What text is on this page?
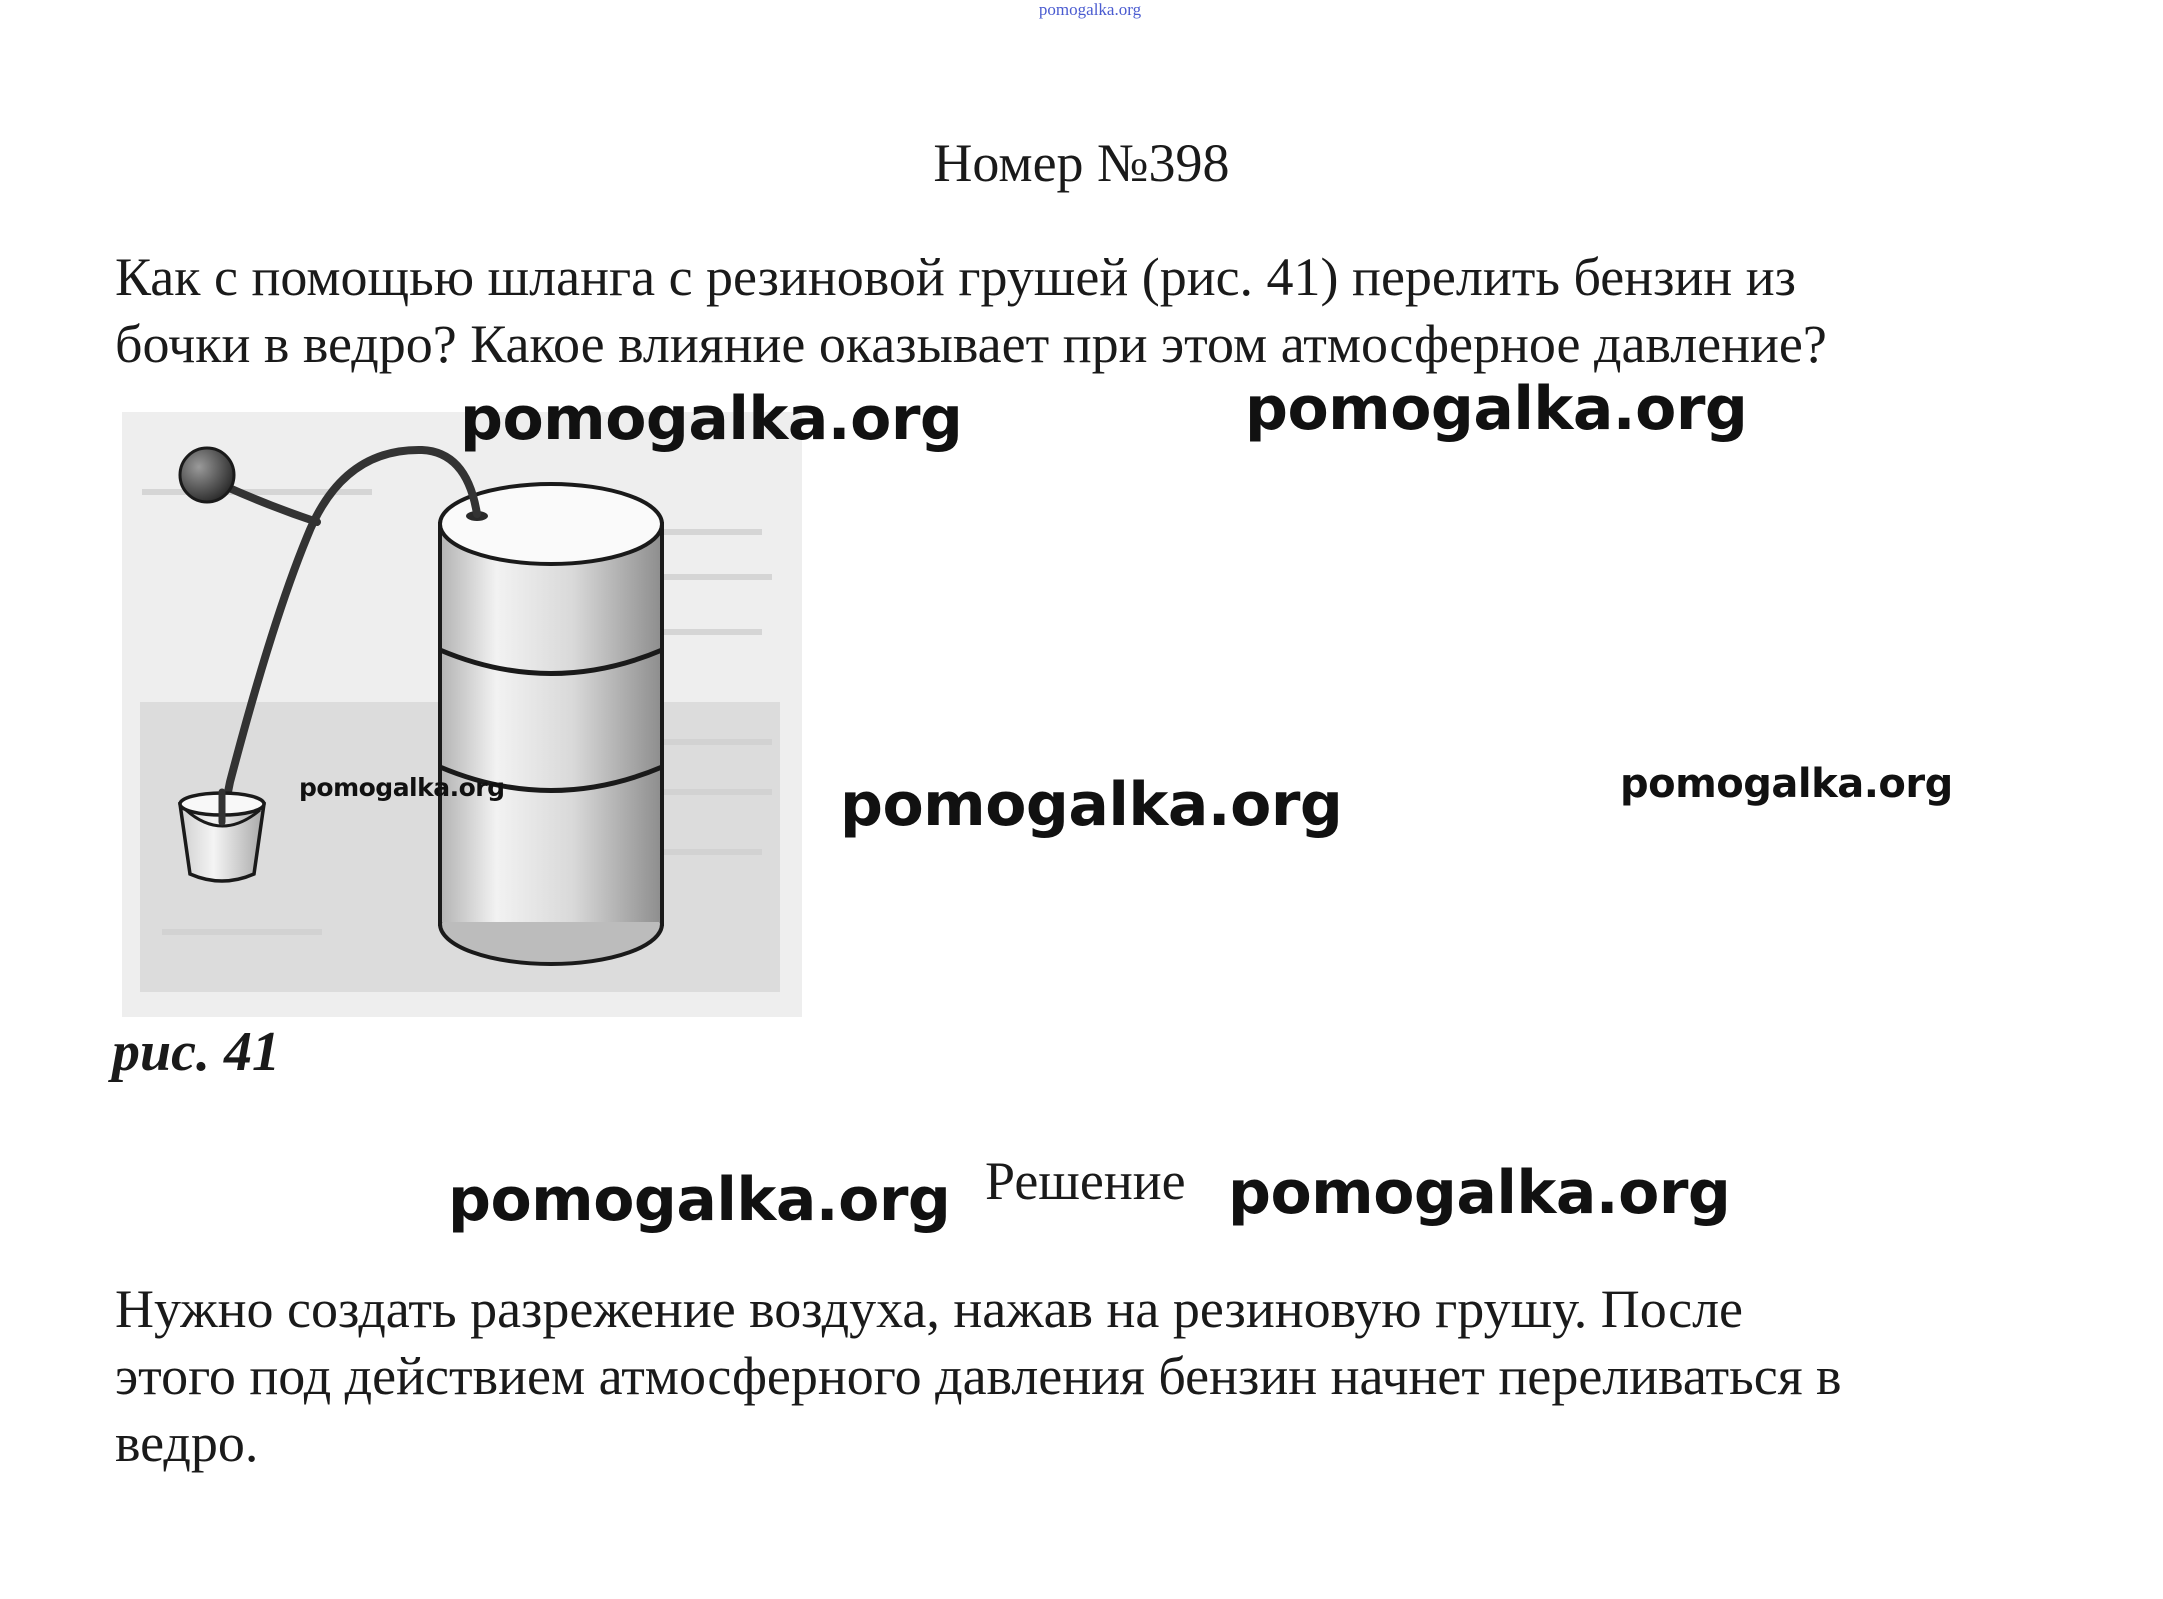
pomogalka.org
Номер №398
Как с помощью шланга с резиновой грушей (рис. 41) перелить бензин из
бочки в ведро? Какое влияние оказывает при этом атмосферное давление?
pomogalka.org
рис. 41
pomogalka.org	pomogalka.org
pomogalka.org	pomogalka.org
pomogalka.org	pomogalka.org
Решение
Нужно создать разрежение воздуха, нажав на резиновую грушу. После
этого под действием атмосферного давления бензин начнет переливаться в
ведро.
